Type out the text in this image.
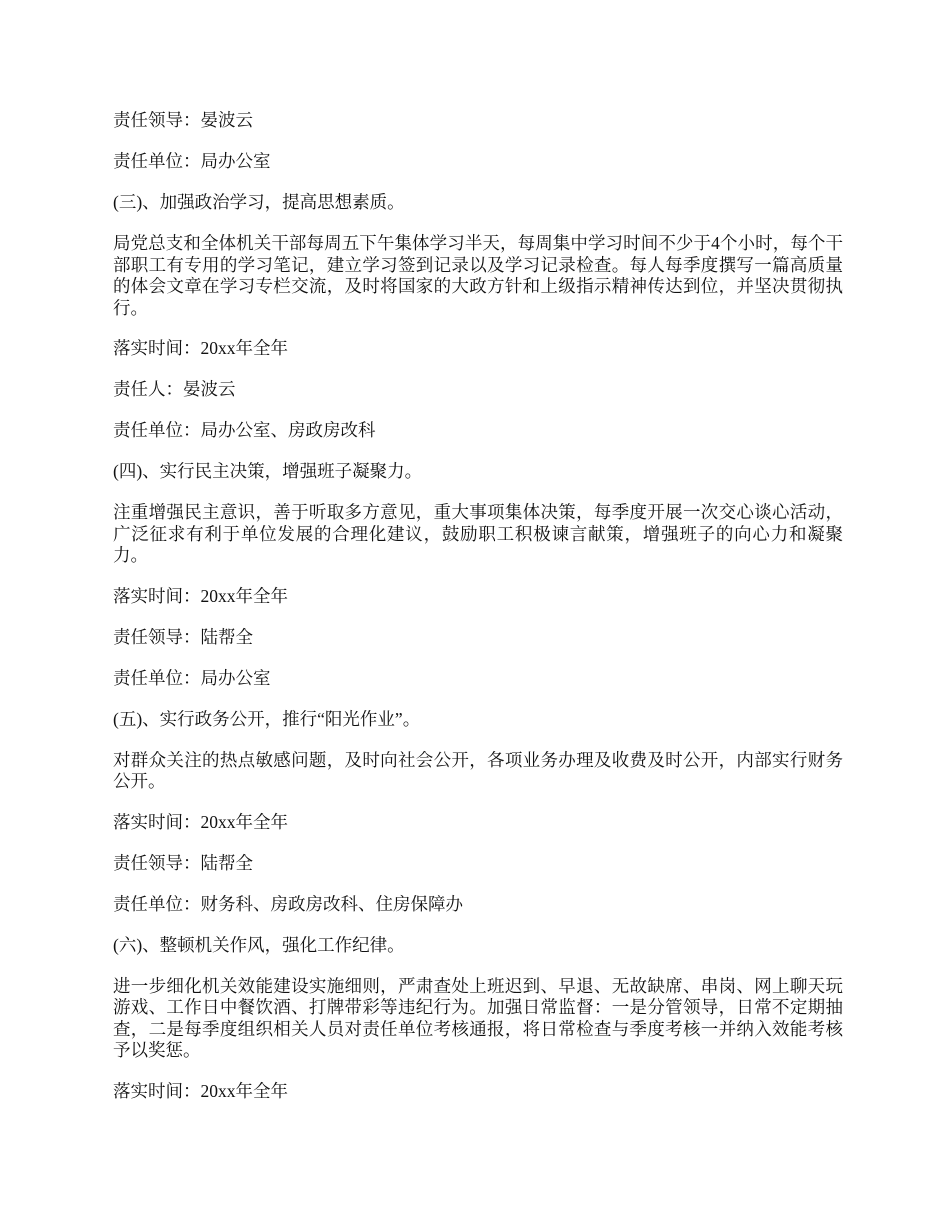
责任领导：晏波云

责任单位：局办公室

(三)、加强政治学习，提高思想素质。

局党总支和全体机关干部每周五下午集体学习半天，每周集中学习时间不少于4个小时，每个干部职工有专用的学习笔记，建立学习签到记录以及学习记录检查。每人每季度撰写一篇高质量的体会文章在学习专栏交流，及时将国家的大政方针和上级指示精神传达到位，并坚决贯彻执行。

落实时间：20xx年全年

责任人：晏波云

责任单位：局办公室、房政房改科

(四)、实行民主决策，增强班子凝聚力。

注重增强民主意识，善于听取多方意见，重大事项集体决策，每季度开展一次交心谈心活动，广泛征求有利于单位发展的合理化建议，鼓励职工积极谏言献策，增强班子的向心力和凝聚力。

落实时间：20xx年全年

责任领导：陆帮全

责任单位：局办公室

(五)、实行政务公开，推行“阳光作业”。

对群众关注的热点敏感问题，及时向社会公开，各项业务办理及收费及时公开，内部实行财务公开。

落实时间：20xx年全年

责任领导：陆帮全

责任单位：财务科、房政房改科、住房保障办

(六)、整顿机关作风，强化工作纪律。

进一步细化机关效能建设实施细则，严肃查处上班迟到、早退、无故缺席、串岗、网上聊天玩游戏、工作日中餐饮酒、打牌带彩等违纪行为。加强日常监督：一是分管领导，日常不定期抽查，二是每季度组织相关人员对责任单位考核通报，将日常检查与季度考核一并纳入效能考核予以奖惩。

落实时间：20xx年全年
